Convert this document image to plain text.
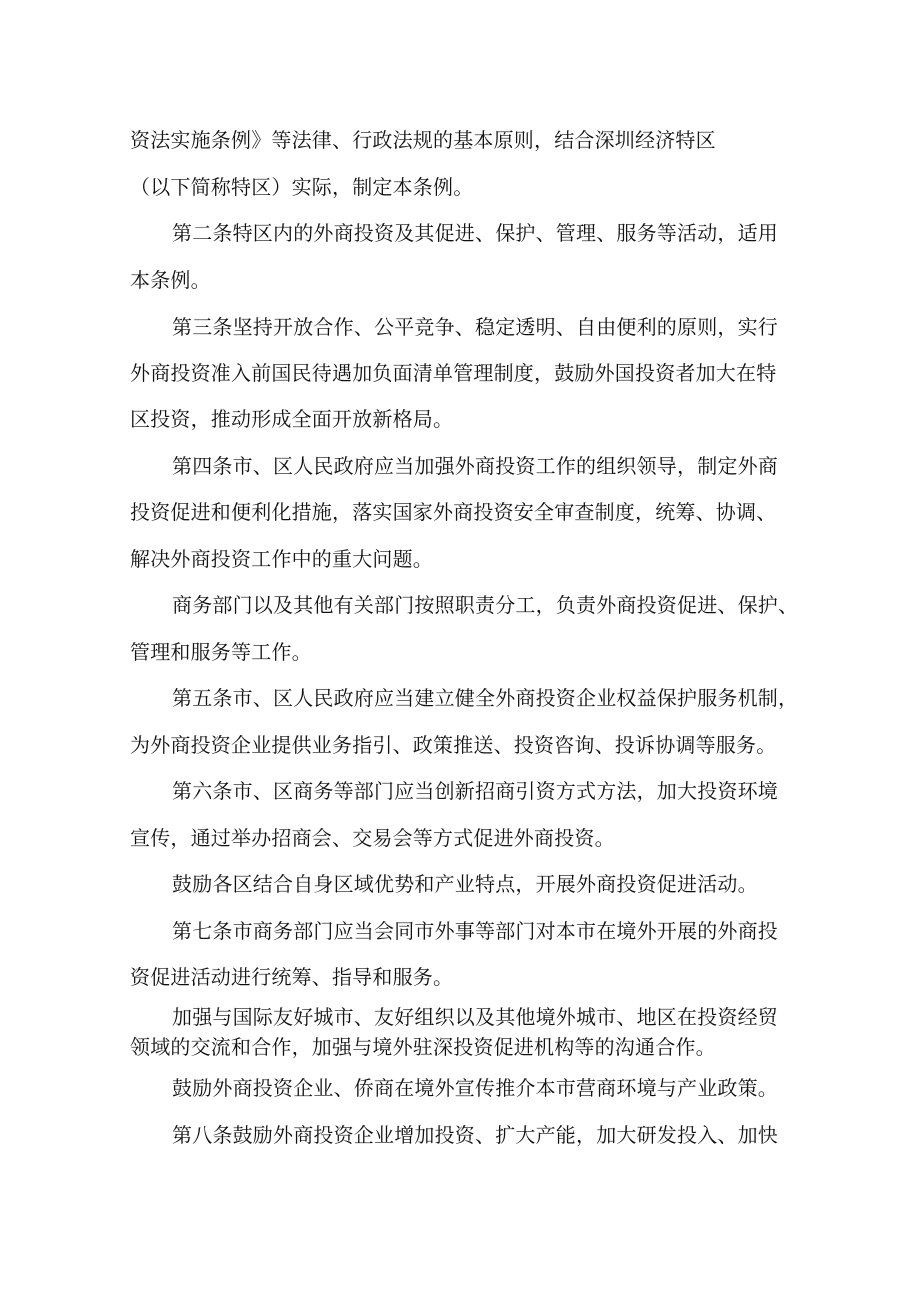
资法实施条例》等法律、行政法规的基本原则，结合深圳经济特区
（以下简称特区）实际，制定本条例。
第二条特区内的外商投资及其促进、保护、管理、服务等活动，适用
本条例。
第三条坚持开放合作、公平竞争、稳定透明、自由便利的原则，实行
外商投资准入前国民待遇加负面清单管理制度，鼓励外国投资者加大在特
区投资，推动形成全面开放新格局。
第四条市、区人民政府应当加强外商投资工作的组织领导，制定外商
投资促进和便利化措施，落实国家外商投资安全审查制度，统筹、协调、
解决外商投资工作中的重大问题。
商务部门以及其他有关部门按照职责分工，负责外商投资促进、保护、
管理和服务等工作。
第五条市、区人民政府应当建立健全外商投资企业权益保护服务机制，
为外商投资企业提供业务指引、政策推送、投资咨询、投诉协调等服务。
第六条市、区商务等部门应当创新招商引资方式方法，加大投资环境
宣传，通过举办招商会、交易会等方式促进外商投资。
鼓励各区结合自身区域优势和产业特点，开展外商投资促进活动。
第七条市商务部门应当会同市外事等部门对本市在境外开展的外商投
资促进活动进行统筹、指导和服务。
加强与国际友好城市、友好组织以及其他境外城市、地区在投资经贸
领域的交流和合作，加强与境外驻深投资促进机构等的沟通合作。
鼓励外商投资企业、侨商在境外宣传推介本市营商环境与产业政策。
第八条鼓励外商投资企业增加投资、扩大产能，加大研发投入、加快
